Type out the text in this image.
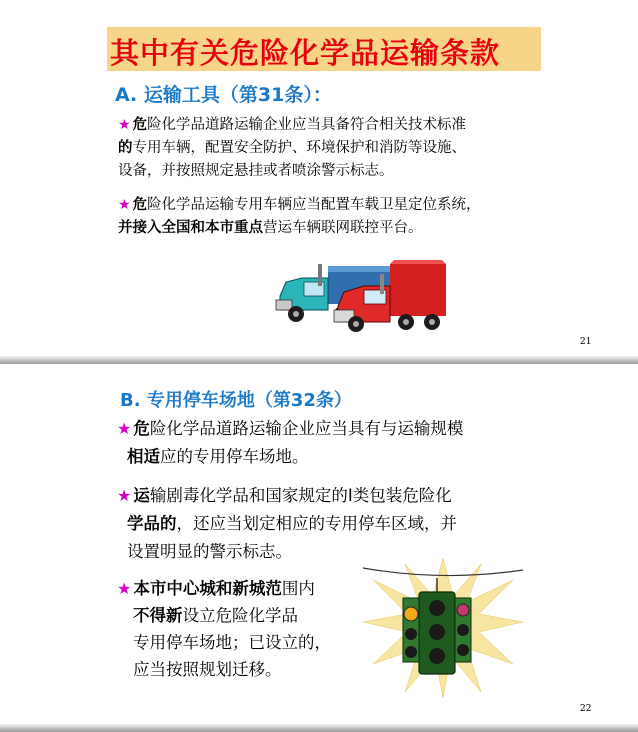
其中有关危险化学品运输条款
A. 运输工具（第31条）：
★ 危险化学品道路运输企业应当具备符合相关技术标准
的专用车辆，配置安全防护、环境保护和消防等设施、
设备，并按照规定悬挂或者喷涂警示标志。
★ 危险化学品运输专用车辆应当配置车载卫星定位系统，
并接入全国和本市重点营运车辆联网联控平台。
21
B. 专用停车场地（第32条）
★ 危险化学品道路运输企业应当具有与运输规模
相适应的专用停车场地。
★ 运输剧毒化学品和国家规定的Ⅰ类包装危险化
学品的，还应当划定相应的专用停车区域，并
设置明显的警示标志。
★ 本市中心城和新城范围内
不得新设立危险化学品
专用停车场地；已设立的，
应当按照规划迁移。
22
